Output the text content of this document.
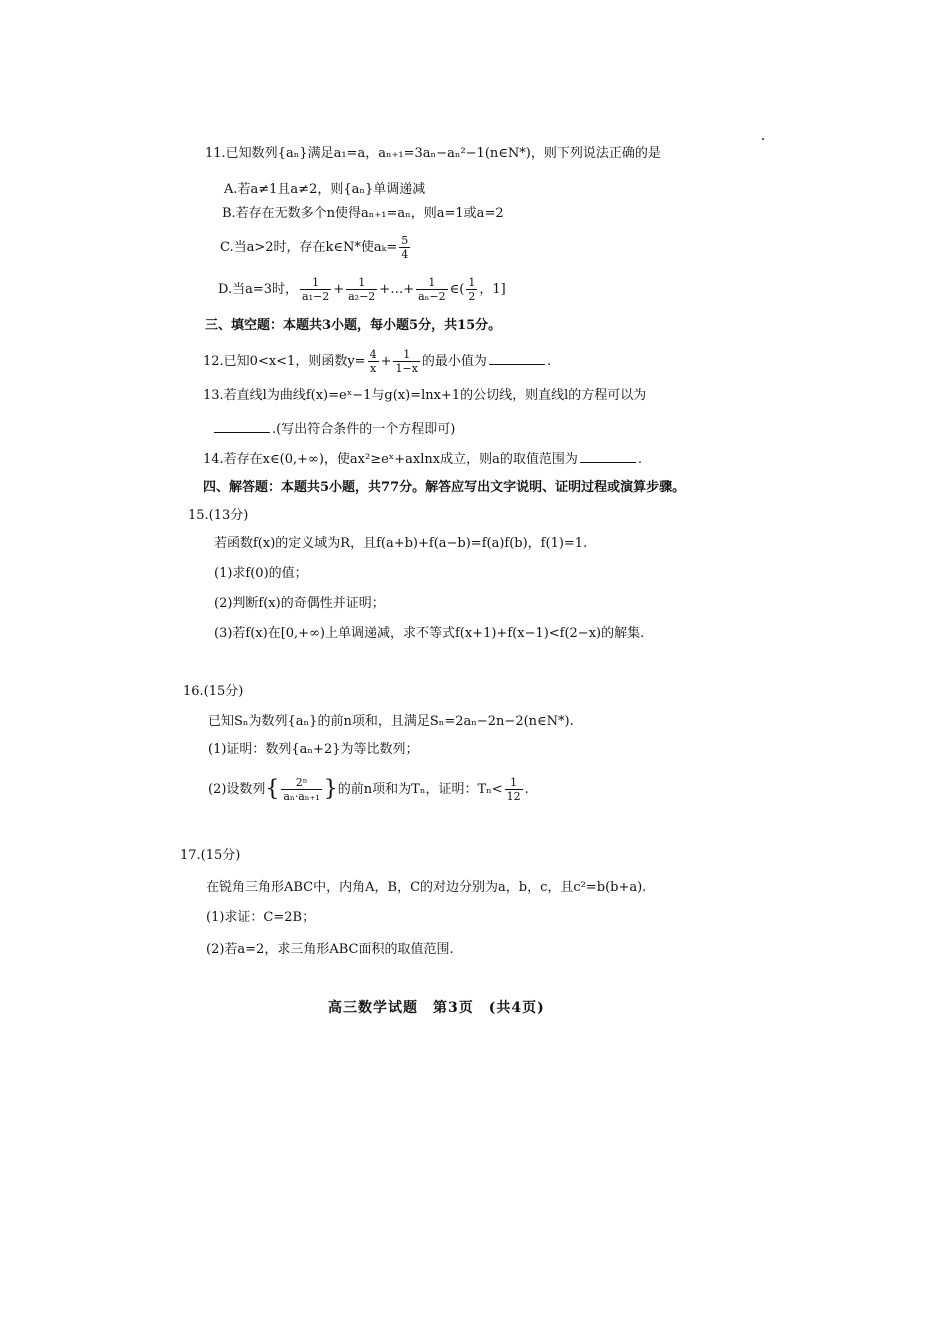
11.已知数列{aₙ}满足a₁=a，aₙ₊₁=3aₙ−aₙ²−1(n∈N*)，则下列说法正确的是
A.若a≠1且a≠2，则{aₙ}单调递减
B.若存在无数多个n使得aₙ₊₁=aₙ，则a=1或a=2
C.当a>2时，存在k∈N*使$a_k= \frac{5}{4}$
D.当a=3时， $\frac{1}{\text{a₁−2}} + \frac{1}{\text{a₂−2}}$ +…+ $\frac{1}{\text{aₙ−2}}$ ∈( $\frac{1}{2}$ ，1]
三、填空题：本题共3小题，每小题5分，共15分。
12.已知0<x<1，则函数$y= \frac{4}{x} + \frac{1}{1-x}$ 的最小值为	.
13.若直线l为曲线f(x)=eˣ−1与g(x)=lnx+1的公切线，则直线l的方程可以为
.(写出符合条件的一个方程即可)
14.若存在x∈(0,+∞)，使ax²≥eˣ+axlnx成立，则a的取值范围为	.
四、解答题：本题共5小题，共77分。解答应写出文字说明、证明过程或演算步骤。
15.(13分)
若函数f(x)的定义域为R，且f(a+b)+f(a−b)=f(a)f(b)，f(1)=1.
(1)求f(0)的值；
(2)判断f(x)的奇偶性并证明；
(3)若f(x)在[0,+∞)上单调递减，求不等式f(x+1)+f(x−1)<f(2−x)的解集.
16.(15分)
已知Sₙ为数列{aₙ}的前n项和，且满足Sₙ=2aₙ−2n−2(n∈N*).
(1)证明：数列{aₙ+2}为等比数列；
(2)设数列{ $\frac{\text{2ⁿ}}{\text{aₙ·aₙ₊₁}}$ }的前n项和为Tₙ，证明：$T_n< \frac{1}{12}$ .
17.(15分)
在锐角三角形ABC中，内角A，B，C的对边分别为a，b，c，且c²=b(b+a).
(1)求证：C=2B；
(2)若a=2，求三角形ABC面积的取值范围.
高三数学试题　第3页　(共4页)
